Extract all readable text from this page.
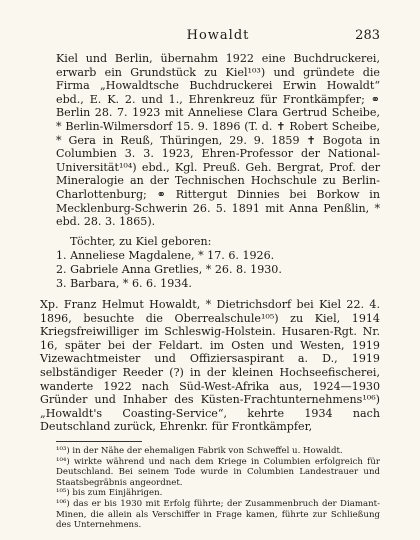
Howaldt	283

Kiel und Berlin, übernahm 1922 eine Buchdruckerei, erwarb ein Grundstück zu Kiel¹⁰³) und gründete die Firma „Howaldtsche Buchdruckerei Erwin Howaldt“ ebd., E. K. 2. und 1., Ehrenkreuz für Frontkämpfer; ⚭ Berlin 28. 7. 1923 mit Anneliese Clara Gertrud Scheibe, * Berlin-Wilmersdorf 15. 9. 1896 (T. d. ✝ Robert Scheibe, * Gera in Reuß, Thüringen, 29. 9. 1859 ✝ Bogota in Columbien 3. 3. 1923, Ehren-Professor der National-Universität¹⁰⁴) ebd., Kgl. Preuß. Geh. Bergrat, Prof. der Mineralogie an der Technischen Hochschule zu Berlin-Charlottenburg; ⚭ Rittergut Dinnies bei Borkow in Mecklenburg-Schwerin 26. 5. 1891 mit Anna Penßlin, * ebd. 28. 3. 1865).

Töchter, zu Kiel geboren:
1. Anneliese Magdalene, * 17. 6. 1926.
2. Gabriele Anna Gretlies, * 26. 8. 1930.
3. Barbara, * 6. 6. 1934.

Xp. Franz Helmut Howaldt, * Dietrichsdorf bei Kiel 22. 4. 1896, besuchte die Oberrealschule¹⁰⁵) zu Kiel, 1914 Kriegsfreiwilliger im Schleswig-Holstein. Husaren-Rgt. Nr. 16, später bei der Feldart. im Osten und Westen, 1919 Vizewachtmeister und Offiziersaspirant a. D., 1919 selbständiger Reeder (?) in der kleinen Hochseefischerei, wanderte 1922 nach Süd-West-Afrika aus, 1924—1930 Gründer und Inhaber des Küsten-Frachtunternehmens¹⁰⁶) „Howaldt's Coasting-Service“, kehrte 1934 nach Deutschland zurück, Ehrenkr. für Frontkämpfer,

¹⁰³) in der Nähe der ehemaligen Fabrik von Schweffel u. Howaldt.

¹⁰⁴) wirkte während und nach dem Kriege in Columbien erfolgreich für Deutschland. Bei seinem Tode wurde in Columbien Landestrauer und Staatsbegräbnis angeordnet.

¹⁰⁵) bis zum Einjährigen.

¹⁰⁶) das er bis 1930 mit Erfolg führte; der Zusammenbruch der Diamant-Minen, die allein als Verschiffer in Frage kamen, führte zur Schließung des Unternehmens.
